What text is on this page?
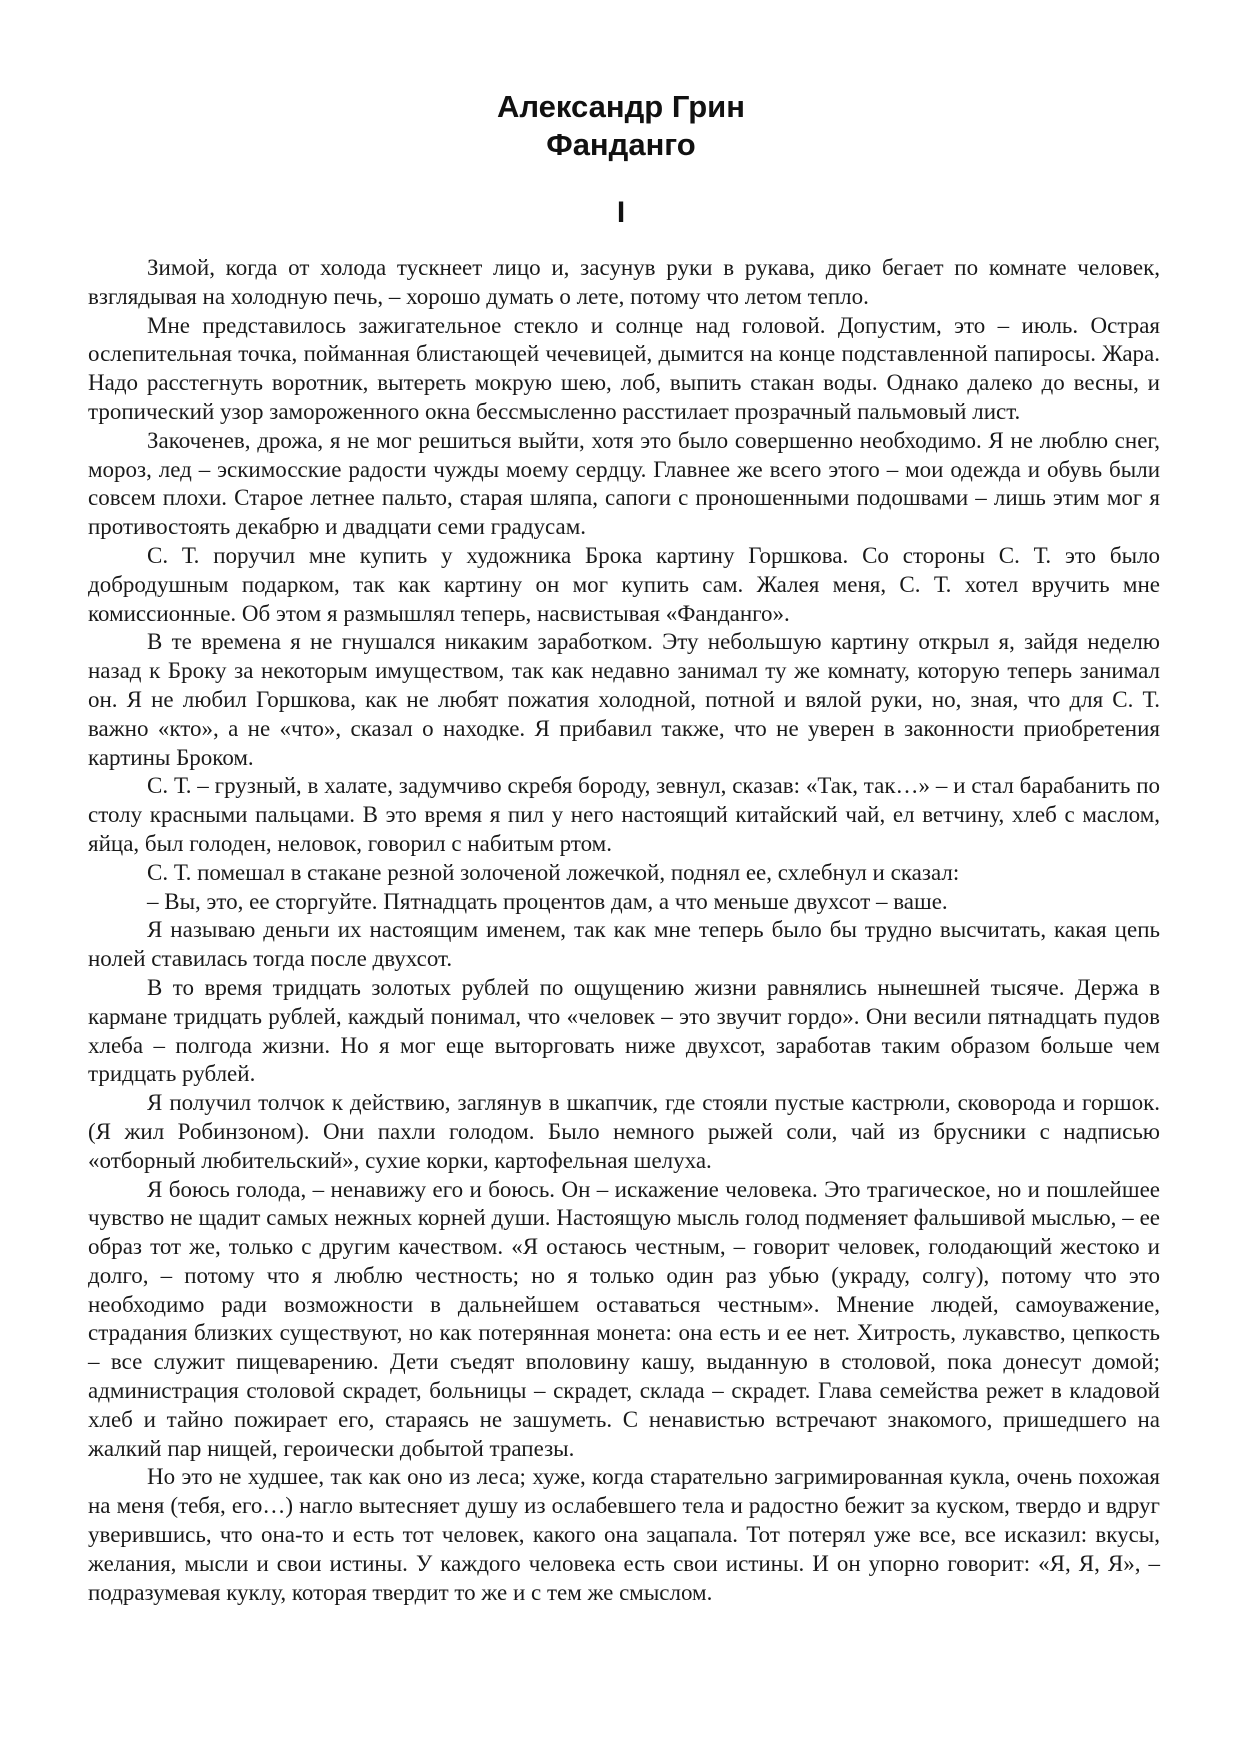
Александр Грин
Фанданго
I

Зимой, когда от холода тускнеет лицо и, засунув руки в рукава, дико бегает по комнате человек, взглядывая на холодную печь, – хорошо думать о лете, потому что летом тепло.

Мне представилось зажигательное стекло и солнце над головой. Допустим, это – июль. Острая ослепительная точка, пойманная блистающей чечевицей, дымится на конце подставленной папиросы. Жара. Надо расстегнуть воротник, вытереть мокрую шею, лоб, выпить стакан воды. Однако далеко до весны, и тропический узор замороженного окна бессмысленно расстилает прозрачный пальмовый лист.

Закоченев, дрожа, я не мог решиться выйти, хотя это было совершенно необходимо. Я не люблю снег, мороз, лед – эскимосские радости чужды моему сердцу. Главнее же всего этого – мои одежда и обувь были совсем плохи. Старое летнее пальто, старая шляпа, сапоги с проношенными подошвами – лишь этим мог я противостоять декабрю и двадцати семи градусам.

С. Т. поручил мне купить у художника Брока картину Горшкова. Со стороны С. Т. это было добродушным подарком, так как картину он мог купить сам. Жалея меня, С. Т. хотел вручить мне комиссионные. Об этом я размышлял теперь, насвистывая «Фанданго».

В те времена я не гнушался никаким заработком. Эту небольшую картину открыл я, зайдя неделю назад к Броку за некоторым имуществом, так как недавно занимал ту же комнату, которую теперь занимал он. Я не любил Горшкова, как не любят пожатия холодной, потной и вялой руки, но, зная, что для С. Т. важно «кто», а не «что», сказал о находке. Я прибавил также, что не уверен в законности приобретения картины Броком.

С. Т. – грузный, в халате, задумчиво скребя бороду, зевнул, сказав: «Так, так…» – и стал барабанить по столу красными пальцами. В это время я пил у него настоящий китайский чай, ел ветчину, хлеб с маслом, яйца, был голоден, неловок, говорил с набитым ртом.

С. Т. помешал в стакане резной золоченой ложечкой, поднял ее, схлебнул и сказал:

– Вы, это, ее сторгуйте. Пятнадцать процентов дам, а что меньше двухсот – ваше.

Я называю деньги их настоящим именем, так как мне теперь было бы трудно высчитать, какая цепь нолей ставилась тогда после двухсот.

В то время тридцать золотых рублей по ощущению жизни равнялись нынешней тысяче. Держа в кармане тридцать рублей, каждый понимал, что «человек – это звучит гордо». Они весили пятнадцать пудов хлеба – полгода жизни. Но я мог еще выторговать ниже двухсот, заработав таким образом больше чем тридцать рублей.

Я получил толчок к действию, заглянув в шкапчик, где стояли пустые кастрюли, сковорода и горшок. (Я жил Робинзоном). Они пахли голодом. Было немного рыжей соли, чай из брусники с надписью «отборный любительский», сухие корки, картофельная шелуха.

Я боюсь голода, – ненавижу его и боюсь. Он – искажение человека. Это трагическое, но и пошлейшее чувство не щадит самых нежных корней души. Настоящую мысль голод подменяет фальшивой мыслью, – ее образ тот же, только с другим качеством. «Я остаюсь честным, – говорит человек, голодающий жестоко и долго, – потому что я люблю честность; но я только один раз убью (украду, солгу), потому что это необходимо ради возможности в дальнейшем оставаться честным». Мнение людей, самоуважение, страдания близких существуют, но как потерянная монета: она есть и ее нет. Хитрость, лукавство, цепкость – все служит пищеварению. Дети съедят вполовину кашу, выданную в столовой, пока донесут домой; администрация столовой скрадет, больницы – скрадет, склада – скрадет. Глава семейства режет в кладовой хлеб и тайно пожирает его, стараясь не зашуметь. С ненавистью встречают знакомого, пришедшего на жалкий пар нищей, героически добытой трапезы.

Но это не худшее, так как оно из леса; хуже, когда старательно загримированная кукла, очень похожая на меня (тебя, его…) нагло вытесняет душу из ослабевшего тела и радостно бежит за куском, твердо и вдруг уверившись, что она-то и есть тот человек, какого она зацапала. Тот потерял уже все, все исказил: вкусы, желания, мысли и свои истины. У каждого человека есть свои истины. И он упорно говорит: «Я, Я, Я», – подразумевая куклу, которая твердит то же и с тем же смыслом.
